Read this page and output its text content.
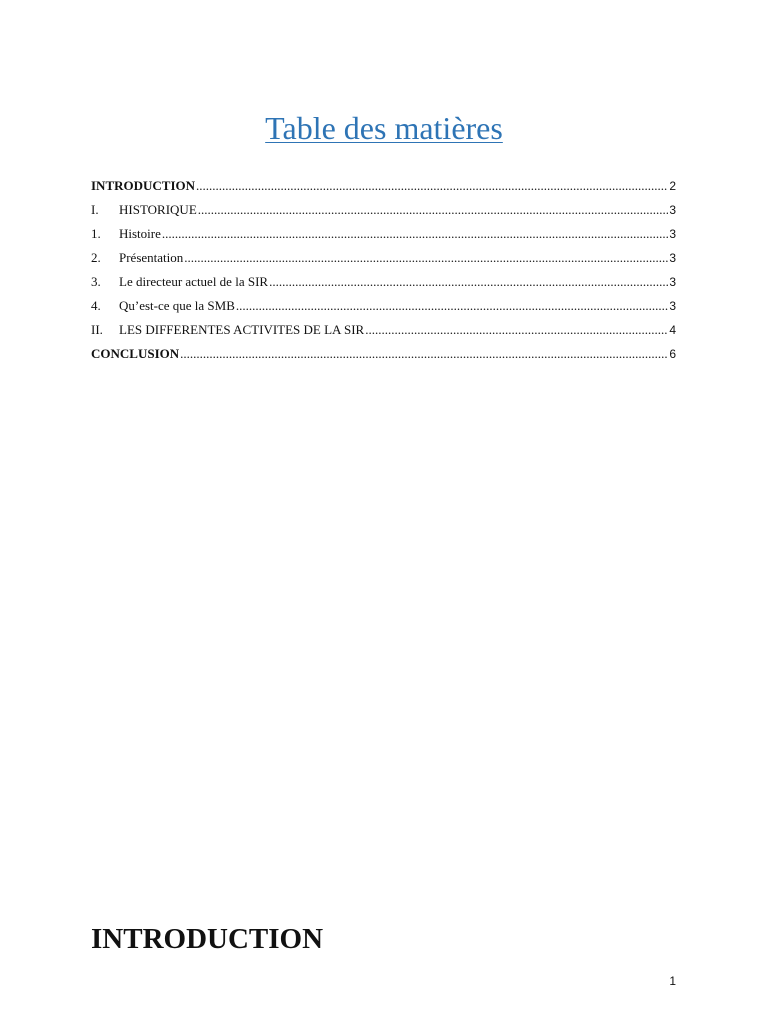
Table des matières
INTRODUCTION .....	2
I.	HISTORIQUE .....	3
1.	Histoire .....	3
2.	Présentation .....	3
3.	Le directeur actuel de la SIR .....	3
4.	Qu’est-ce que la SMB .....	3
II.	LES DIFFERENTES ACTIVITES DE LA SIR .....	4
CONCLUSION .....	6
INTRODUCTION
1
